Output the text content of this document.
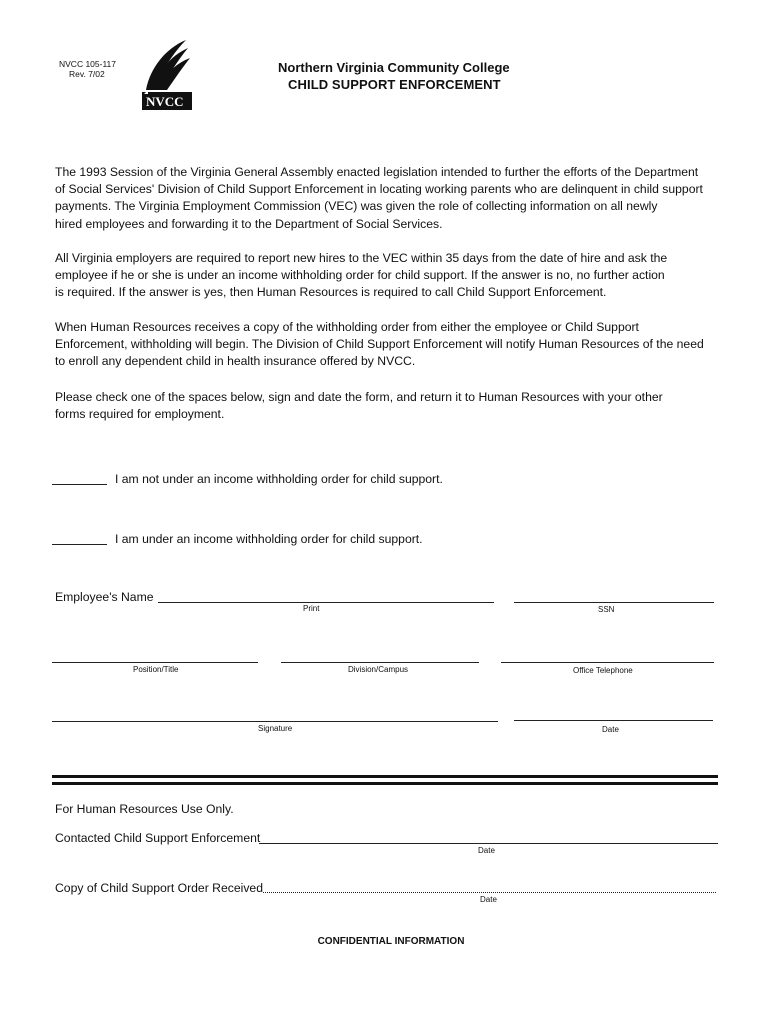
NVCC 105-117
Rev. 7/02
NVCC
Northern Virginia Community College
CHILD SUPPORT ENFORCEMENT
The 1993 Session of the Virginia General Assembly enacted legislation intended to further the efforts of the Department
of Social Services' Division of Child Support Enforcement in locating working parents who are delinquent in child support
payments. The Virginia Employment Commission (VEC) was given the role of collecting information on all newly
hired employees and forwarding it to the Department of Social Services.
All Virginia employers are required to report new hires to the VEC within 35 days from the date of hire and ask the
employee if he or she is under an income withholding order for child support. If the answer is no, no further action
is required. If the answer is yes, then Human Resources is required to call Child Support Enforcement.
When Human Resources receives a copy of the withholding order from either the employee or Child Support
Enforcement, withholding will begin. The Division of Child Support Enforcement will notify Human Resources of the need
to enroll any dependent child in health insurance offered by NVCC.
Please check one of the spaces below, sign and date the form, and return it to Human Resources with your other
forms required for employment.
I am not under an income withholding order for child support.
I am under an income withholding order for child support.
Employee's Name
Print	SSN
Position/Title	Division/Campus	Office Telephone
Signature	Date
For Human Resources Use Only.
Contacted Child Support Enforcement
Date
Copy of Child Support Order Received
Date
CONFIDENTIAL INFORMATION
